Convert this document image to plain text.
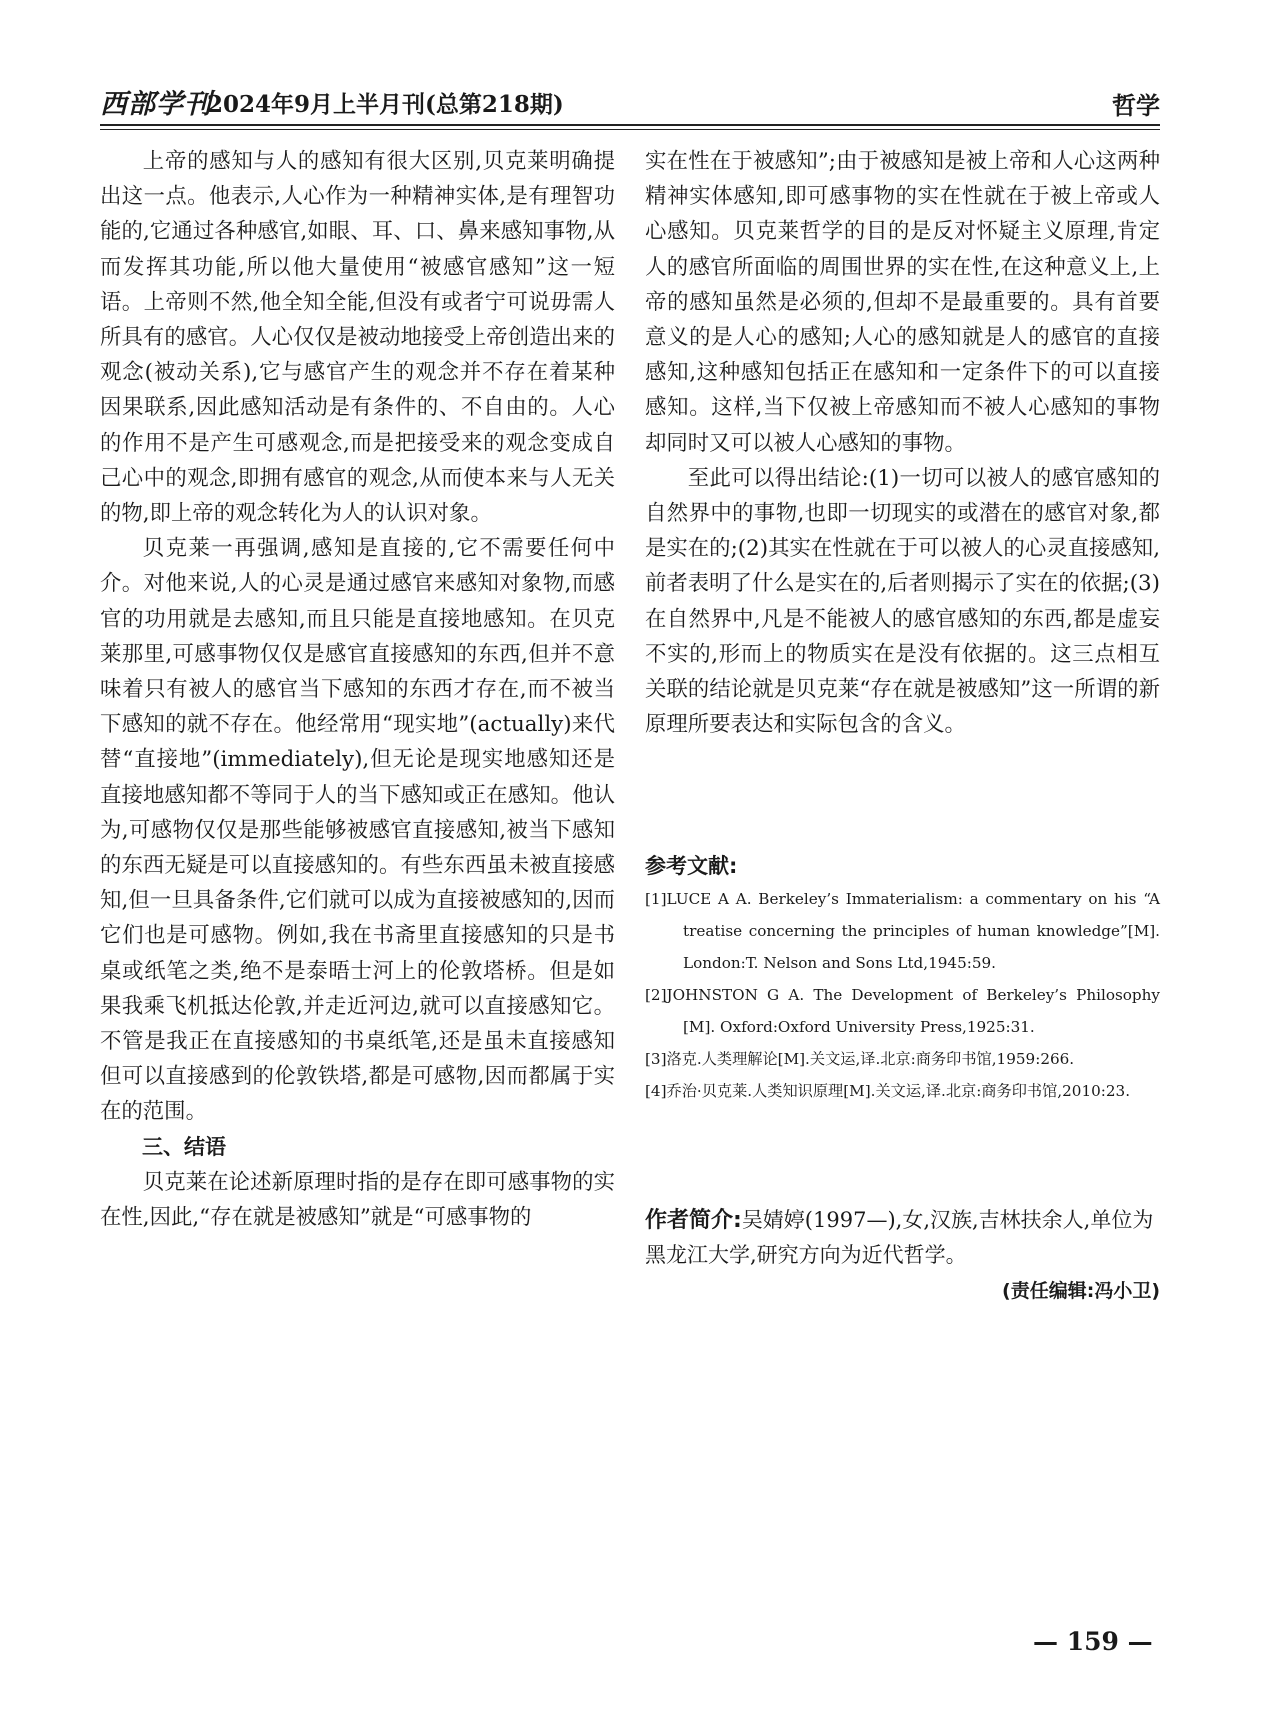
西部学刊
2024年9月上半月刊(总第218期)	哲学

上帝的感知与人的感知有很大区别,贝克莱明确提出这一点。他表示,人心作为一种精神实体,是有理智功能的,它通过各种感官,如眼、耳、口、鼻来感知事物,从而发挥其功能,所以他大量使用“被感官感知”这一短语。上帝则不然,他全知全能,但没有或者宁可说毋需人所具有的感官。人心仅仅是被动地接受上帝创造出来的观念(被动关系),它与感官产生的观念并不存在着某种因果联系,因此感知活动是有条件的、不自由的。人心的作用不是产生可感观念,而是把接受来的观念变成自己心中的观念,即拥有感官的观念,从而使本来与人无关的物,即上帝的观念转化为人的认识对象。

贝克莱一再强调,感知是直接的,它不需要任何中介。对他来说,人的心灵是通过感官来感知对象物,而感官的功用就是去感知,而且只能是直接地感知。在贝克莱那里,可感事物仅仅是感官直接感知的东西,但并不意味着只有被人的感官当下感知的东西才存在,而不被当下感知的就不存在。他经常用“现实地”(actually)来代替“直接地”(immediately),但无论是现实地感知还是直接地感知都不等同于人的当下感知或正在感知。他认为,可感物仅仅是那些能够被感官直接感知,被当下感知的东西无疑是可以直接感知的。有些东西虽未被直接感知,但一旦具备条件,它们就可以成为直接被感知的,因而它们也是可感物。例如,我在书斋里直接感知的只是书桌或纸笔之类,绝不是泰晤士河上的伦敦塔桥。但是如果我乘飞机抵达伦敦,并走近河边,就可以直接感知它。不管是我正在直接感知的书桌纸笔,还是虽未直接感知但可以直接感到的伦敦铁塔,都是可感物,因而都属于实在的范围。

三、结语

贝克莱在论述新原理时指的是存在即可感事物的实在性,因此,“存在就是被感知”就是“可感事物的

实在性在于被感知”;由于被感知是被上帝和人心这两种精神实体感知,即可感事物的实在性就在于被上帝或人心感知。贝克莱哲学的目的是反对怀疑主义原理,肯定人的感官所面临的周围世界的实在性,在这种意义上,上帝的感知虽然是必须的,但却不是最重要的。具有首要意义的是人心的感知;人心的感知就是人的感官的直接感知,这种感知包括正在感知和一定条件下的可以直接感知。这样,当下仅被上帝感知而不被人心感知的事物却同时又可以被人心感知的事物。

至此可以得出结论:(1)一切可以被人的感官感知的自然界中的事物,也即一切现实的或潜在的感官对象,都是实在的;(2)其实在性就在于可以被人的心灵直接感知,前者表明了什么是实在的,后者则揭示了实在的依据;(3)在自然界中,凡是不能被人的感官感知的东西,都是虚妄不实的,形而上的物质实在是没有依据的。这三点相互关联的结论就是贝克莱“存在就是被感知”这一所谓的新原理所要表达和实际包含的含义。

参考文献:
[1]LUCE A A. Berkeley’s Immaterialism: a commentary on his “A treatise concerning the principles of human knowledge”[M]. London:T. Nelson and Sons Ltd,1945:59.
[2]JOHNSTON G A. The Development of Berkeley’s Philosophy [M]. Oxford:Oxford University Press,1925:31.
[3]洛克.人类理解论[M].关文运,译.北京:商务印书馆,1959:266.
[4]乔治·贝克莱.人类知识原理[M].关文运,译.北京:商务印书馆,2010:23.
作者简介:吴婧婷(1997—),女,汉族,吉林扶余人,单位为黑龙江大学,研究方向为近代哲学。
(责任编辑:冯小卫)
— 159 —
